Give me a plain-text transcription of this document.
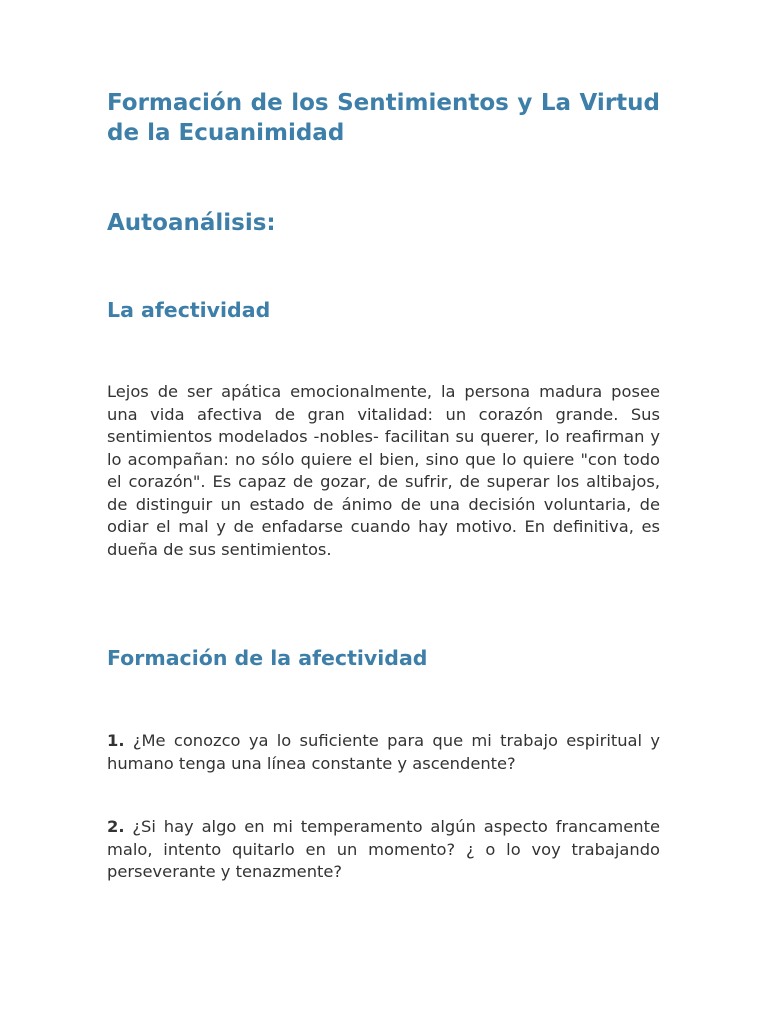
Formación de los Sentimientos y La Virtud de la Ecuanimidad
Autoanálisis:
La afectividad

Lejos de ser apática emocionalmente, la persona madura posee una vida afectiva de gran vitalidad: un corazón grande. Sus sentimientos modelados -nobles- facilitan su querer, lo reafirman y lo acompañan: no sólo quiere el bien, sino que lo quiere "con todo el corazón". Es capaz de gozar, de sufrir, de superar los altibajos, de distinguir un estado de ánimo de una decisión voluntaria, de odiar el mal y de enfadarse cuando hay motivo. En definitiva, es dueña de sus sentimientos.

Formación de la afectividad

1. ¿Me conozco ya lo suficiente para que mi trabajo espiritual y humano tenga una línea constante y ascendente?

2. ¿Si hay algo en mi temperamento algún aspecto francamente malo, intento quitarlo en un momento? ¿ o lo voy trabajando perseverante y tenazmente?
